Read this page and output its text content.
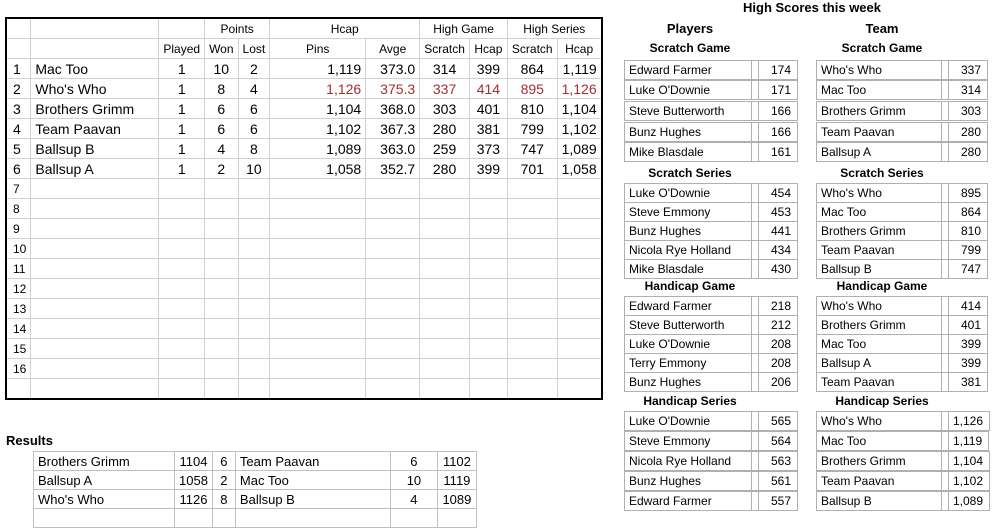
			Points		Hcap		High Game		High Series	
		Played	Won	Lost	Pins	Avge	Scratch	Hcap	Scratch	Hcap
1	Mac Too	1	10	2	1,119	373.0	314	399	864	1,119
2	Who's Who	1	8	4	1,126	375.3	337	414	895	1,126
3	Brothers Grimm	1	6	6	1,104	368.0	303	401	810	1,104
4	Team Paavan	1	6	6	1,102	367.3	280	381	799	1,102
5	Ballsup B	1	4	8	1,089	363.0	259	373	747	1,089
6	Ballsup A	1	2	10	1,058	352.7	280	399	701	1,058
7										
8										
9										
10										
11										
12										
13										
14										
15										
16										

Results
Brothers Grimm	1104	6	Team Paavan	6	1102
Ballsup A	1058	2	Mac Too	10	1119
Who's Who	1126	8	Ballsup B	4	1089

High Scores this week
Players	Team
Scratch Game	Scratch Game
Edward Farmer		174
Luke O'Downie		171
Steve Butterworth		166
Bunz Hughes		166
Mike Blasdale		161
Who's Who		337
Mac Too		314
Brothers Grimm		303
Team Paavan		280
Ballsup A		280
Scratch Series	Scratch Series
Luke O'Downie		454
Steve Emmony		453
Bunz Hughes		441
Nicola Rye Holland		434
Mike Blasdale		430
Who's Who		895
Mac Too		864
Brothers Grimm		810
Team Paavan		799
Ballsup B		747
Handicap Game	Handicap Game
Edward Farmer		218
Steve Butterworth		212
Luke O'Downie		208
Terry Emmony		208
Bunz Hughes		206
Who's Who		414
Brothers Grimm		401
Mac Too		399
Ballsup A		399
Team Paavan		381
Handicap Series	Handicap Series
Luke O'Downie		565
Steve Emmony		564
Nicola Rye Holland		563
Bunz Hughes		561
Edward Farmer		557
Who's Who		1,126
Mac Too		1,119
Brothers Grimm		1,104
Team Paavan		1,102
Ballsup B		1,089
